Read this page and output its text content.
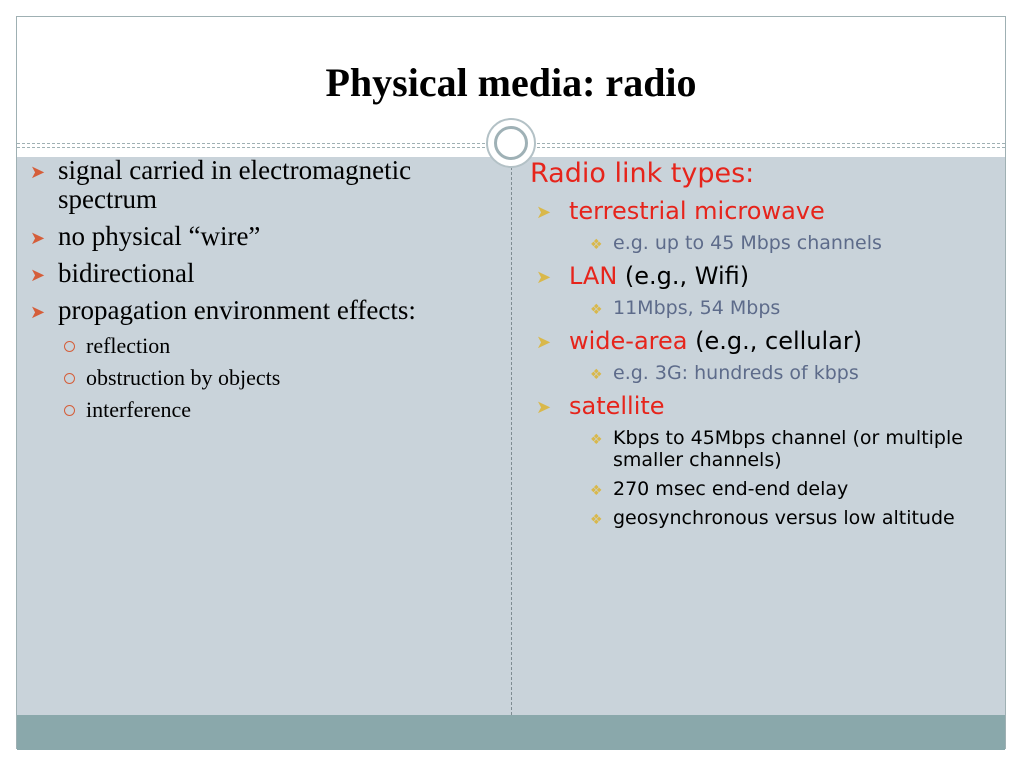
Physical media: radio
➤ signal carried in electromagnetic spectrum
➤ no physical “wire”
➤ bidirectional
➤ propagation environment effects:
reflection
obstruction by objects
interference
Radio link types:
➤ terrestrial microwave
❖ e.g. up to 45 Mbps channels
➤ LAN (e.g., Wifi)
❖ 11Mbps, 54 Mbps
➤ wide-area (e.g., cellular)
❖ e.g. 3G: hundreds of kbps
➤ satellite
❖ Kbps to 45Mbps channel (or multiple smaller channels)
❖ 270 msec end-end delay
❖ geosynchronous versus low altitude
